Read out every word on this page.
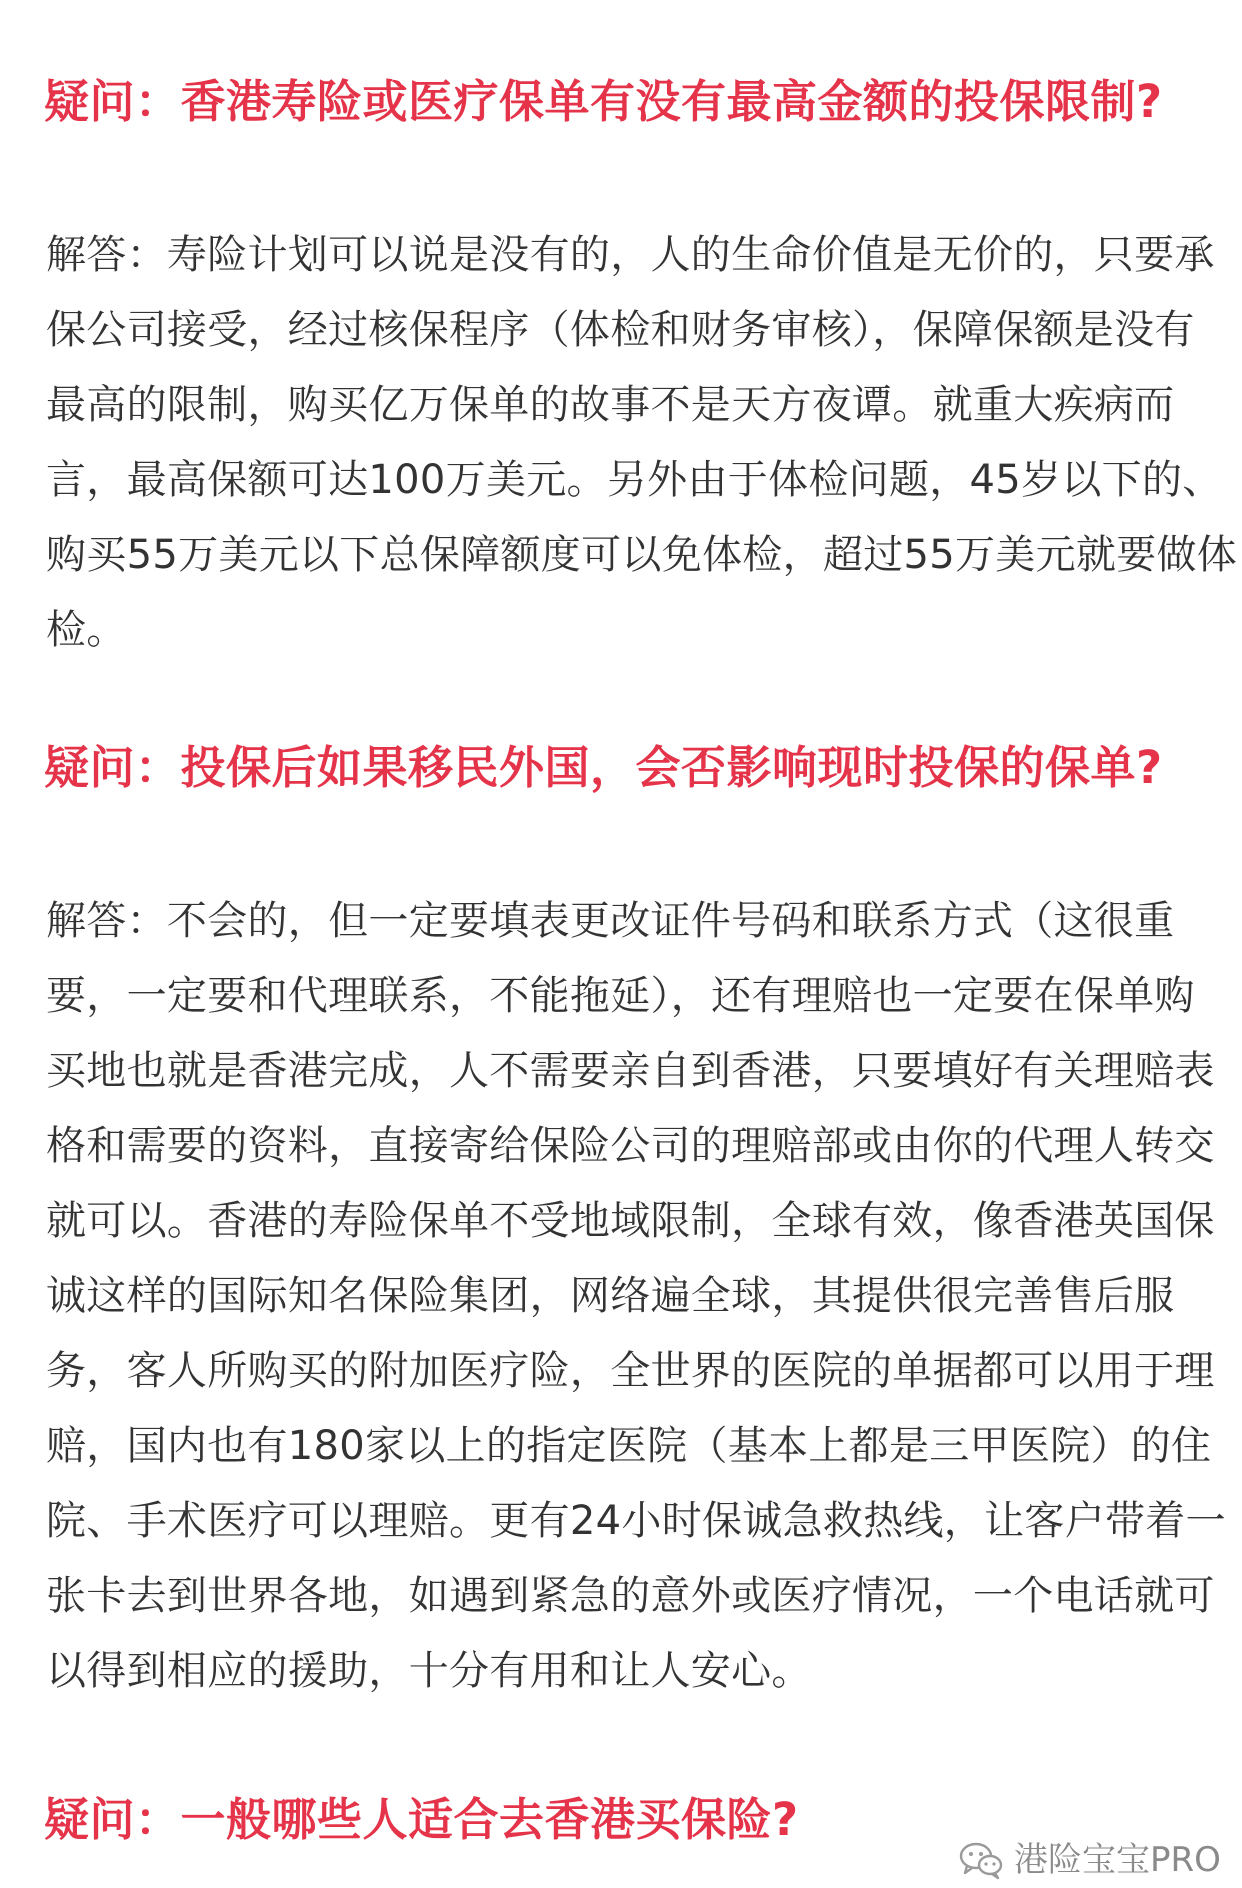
疑问：香港寿险或医疗保单有没有最高金额的投保限制?
解答：寿险计划可以说是没有的，人的生命价值是无价的，只要承
保公司接受，经过核保程序（体检和财务审核），保障保额是没有
最高的限制，购买亿万保单的故事不是天方夜谭。就重大疾病而
言，最高保额可达100万美元。另外由于体检问题，45岁以下的、
购买55万美元以下总保障额度可以免体检，超过55万美元就要做体
检。
疑问：投保后如果移民外国，会否影响现时投保的保单?
解答：不会的，但一定要填表更改证件号码和联系方式（这很重
要，一定要和代理联系，不能拖延），还有理赔也一定要在保单购
买地也就是香港完成，人不需要亲自到香港，只要填好有关理赔表
格和需要的资料，直接寄给保险公司的理赔部或由你的代理人转交
就可以。香港的寿险保单不受地域限制，全球有效，像香港英国保
诚这样的国际知名保险集团，网络遍全球，其提供很完善售后服
务，客人所购买的附加医疗险，全世界的医院的单据都可以用于理
赔，国内也有180家以上的指定医院（基本上都是三甲医院）的住
院、手术医疗可以理赔。更有24小时保诚急救热线，让客户带着一
张卡去到世界各地，如遇到紧急的意外或医疗情况，一个电话就可
以得到相应的援助，十分有用和让人安心。
疑问：一般哪些人适合去香港买保险?
港险宝宝PRO
